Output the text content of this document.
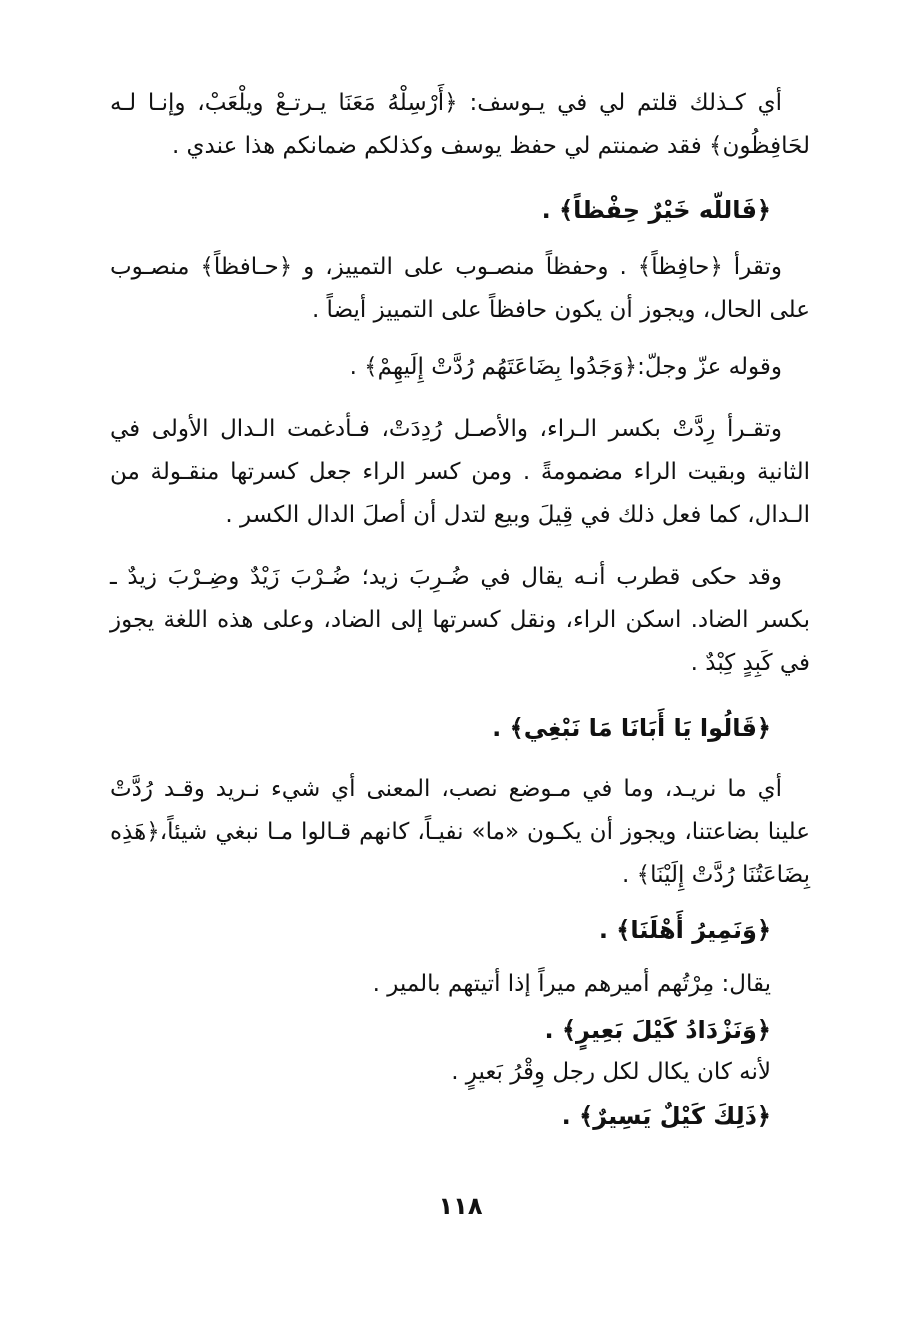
أي كـذلك قلتم لي في يـوسف: ﴿أَرْسِلْهُ مَعَنَا يـرتـعْ ويلْعَبْ، وإنـا لـه لحَافِظُون﴾ فقد ضمنتم لي حفظ يوسف وكذلكم ضمانكم هذا عندي .

﴿فَاللّه خَيْرٌ حِفْظاً﴾ .

وتقرأ ﴿حافِظاً﴾ . وحفظاً منصـوب على التمييز، و ﴿حـافظاً﴾ منصـوب على الحال، ويجوز أن يكون حافظاً على التمييز أيضاً .

وقوله عزّ وجلّ:﴿وَجَدُوا بِضَاعَتَهُم رُدَّتْ إِلَيهِمْ﴾ .

وتقـرأ رِدَّتْ بكسر الـراء، والأصـل رُدِدَتْ، فـأدغمت الـدال الأولى في الثانية وبقيت الراء مضمومةً . ومن كسر الراء جعل كسرتها منقـولة من الـدال، كما فعل ذلك في قِيلَ وبيع لتدل أن أصلَ الدال الكسر .

وقد حكى قطرب أنـه يقال في ضُـرِبَ زيد؛ ضُـرْبَ زَيْدٌ وضِـرْبَ زيدٌ ـ بكسر الضاد. اسكن الراء، ونقل كسرتها إلى الضاد، وعلى هذه اللغة يجوز في كَبِدٍ كِبْدٌ .

﴿قَالُوا يَا أَبَانَا مَا نَبْغِي﴾ .

أي ما نريـد، وما في مـوضع نصب، المعنى أي شيء نـريد وقـد رُدَّتْ علينا بضاعتنا، ويجوز أن يكـون «ما» نفيـاً، كانهم قـالوا مـا نبغي شيئاً،﴿هَذِه بِضَاعَتُنَا رُدَّتْ إِلَيْنَا﴾ .

﴿وَنَمِيرُ أَهْلَنَا﴾ .
يقال: مِرْتُهم أميرهم ميراً إذا أتيتهم بالمير .
﴿وَنَزْدَادُ كَيْلَ بَعِيرٍ﴾ .
لأنه كان يكال لكل رجل وِقْرُ بَعيرٍ .
﴿ذَلِكَ كَيْلٌ يَسِيرٌ﴾ .
١١٨
